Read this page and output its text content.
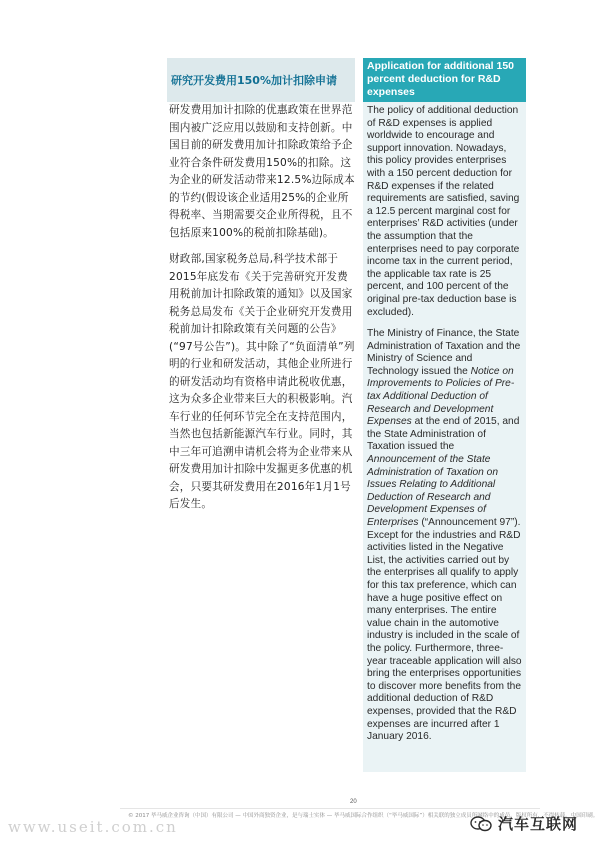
研究开发费用150%加计扣除申请

研发费用加计扣除的优惠政策在世界范围内被广泛应用以鼓励和支持创新。中国目前的研发费用加计扣除政策给予企业符合条件研发费用150%的扣除。这为企业的研发活动带来12.5%边际成本的节约(假设该企业适用25%的企业所得税率、当期需要交企业所得税，且不包括原来100%的税前扣除基础)。

财政部,国家税务总局,科学技术部于2015年底发布《关于完善研究开发费用税前加计扣除政策的通知》以及国家税务总局发布《关于企业研究开发费用税前加计扣除政策有关问题的公告》(“97号公告”)。其中除了“负面清单”列明的行业和研发活动，其他企业所进行的研发活动均有资格申请此税收优惠，这为众多企业带来巨大的积极影响。汽车行业的任何环节完全在支持范围内，当然也包括新能源汽车行业。同时，其中三年可追溯申请机会将为企业带来从研发费用加计扣除中发掘更多优惠的机会，只要其研发费用在2016年1月1号后发生。

Application for additional 150 percent deduction for R&D expenses

The policy of additional deduction of R&D expenses is applied worldwide to encourage and support innovation. Nowadays, this policy provides enterprises with a 150 percent deduction for R&D expenses if the related requirements are satisfied, saving a 12.5 percent marginal cost for enterprises’ R&D activities (under the assumption that the enterprises need to pay corporate income tax in the current period, the applicable tax rate is 25 percent, and 100 percent of the original pre-tax deduction base is excluded).

The Ministry of Finance, the State Administration of Taxation and the Ministry of Science and Technology issued the Notice on Improvements to Policies of Pre-tax Additional Deduction of Research and Development Expenses at the end of 2015, and the State Administration of Taxation issued the Announcement of the State Administration of Taxation on Issues Relating to Additional Deduction of Research and Development Expenses of Enterprises (“Announcement 97”). Except for the industries and R&D activities listed in the Negative List, the activities carried out by the enterprises all qualify to apply for this tax preference, which can have a huge positive effect on many enterprises. The entire value chain in the automotive industry is included in the scale of the policy. Furthermore, three-year traceable application will also bring the enterprises opportunities to discover more benefits from the additional deduction of R&D expenses, provided that the R&D expenses are incurred after 1 January 2016.

20
© 2017 毕马威企业咨询（中国）有限公司 — 中国外商独资企业，是与瑞士实体 — 毕马威国际合作组织（“毕马威国际”）相关联的独立成员所网络中的成员。版权所有，不得转载。中国印刷。
www.useit.com.cn	汽车互联网
